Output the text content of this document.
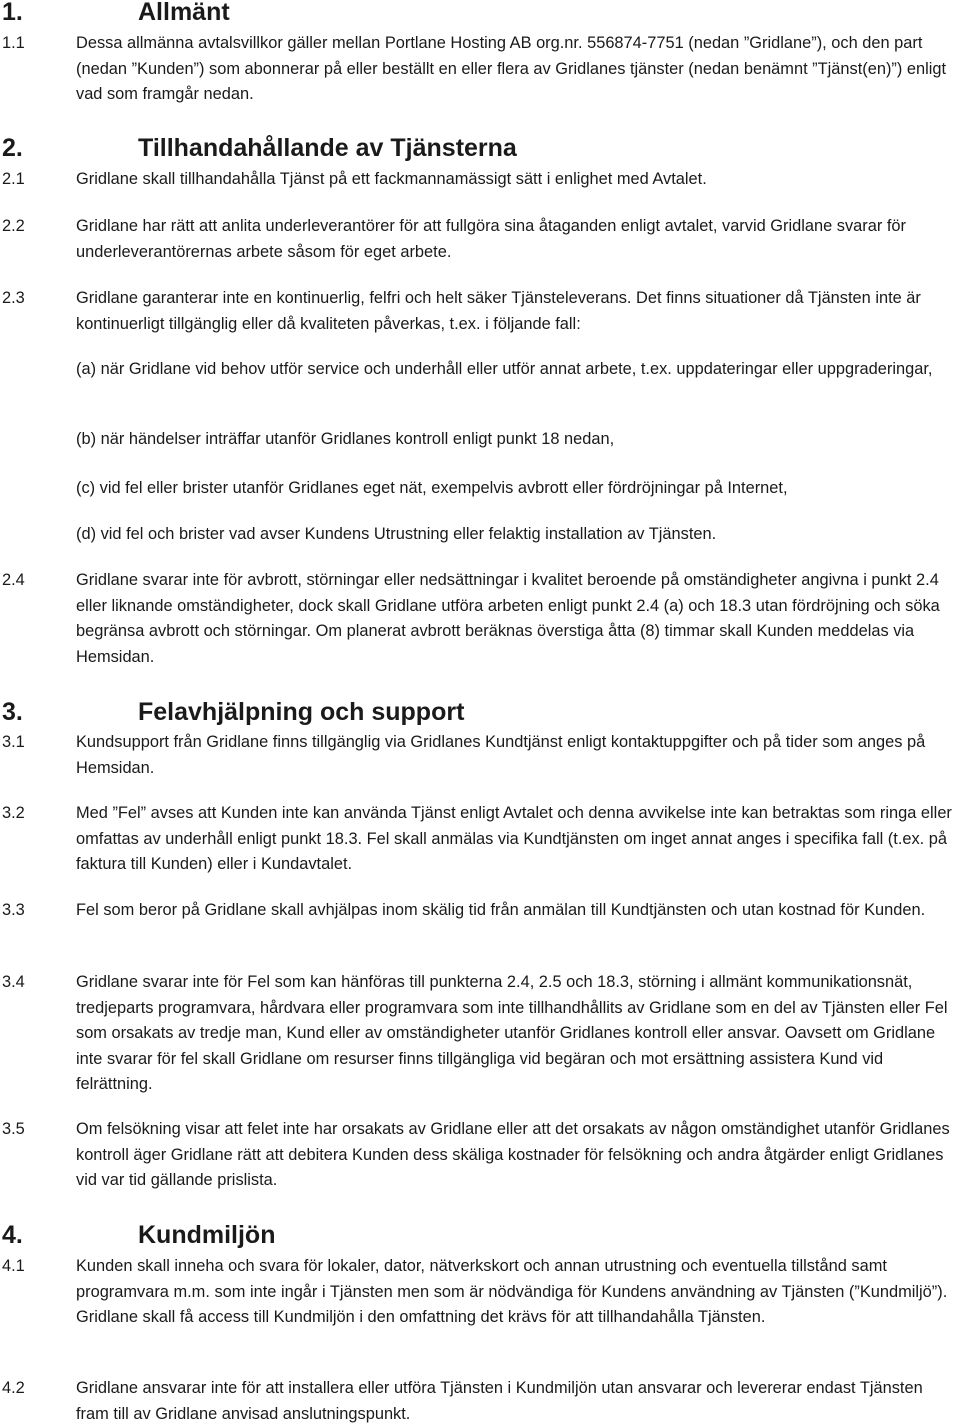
1.	Allmänt

1.1	Dessa allmänna avtalsvillkor gäller mellan Portlane Hosting AB org.nr. 556874-7751 (nedan ”Gridlane”), och den part (nedan ”Kunden”) som abonnerar på eller beställt en eller flera av Gridlanes tjänster (nedan benämnt ”Tjänst(en)”) enligt vad som framgår nedan.

2.	Tillhandahållande av Tjänsterna

2.1	Gridlane skall tillhandahålla Tjänst på ett fackmannamässigt sätt i enlighet med Avtalet.

2.2	Gridlane har rätt att anlita underleverantörer för att fullgöra sina åtaganden enligt avtalet, varvid Gridlane svarar för underleverantörernas arbete såsom för eget arbete.

2.3	Gridlane garanterar inte en kontinuerlig, felfri och helt säker Tjänsteleverans. Det finns situationer då Tjänsten inte är kontinuerligt tillgänglig eller då kvaliteten påverkas, t.ex. i följande fall:

(a) när Gridlane vid behov utför service och underhåll eller utför annat arbete, t.ex. uppdateringar eller uppgraderingar,

(b) när händelser inträffar utanför Gridlanes kontroll enligt punkt 18 nedan,

(c) vid fel eller brister utanför Gridlanes eget nät, exempelvis avbrott eller fördröjningar på Internet,

(d) vid fel och brister vad avser Kundens Utrustning eller felaktig installation av Tjänsten.

2.4	Gridlane svarar inte för avbrott, störningar eller nedsättningar i kvalitet beroende på omständigheter angivna i punkt 2.4 eller liknande omständigheter, dock skall Gridlane utföra arbeten enligt punkt 2.4 (a) och 18.3 utan fördröjning och söka begränsa avbrott och störningar. Om planerat avbrott beräknas överstiga åtta (8) timmar skall Kunden meddelas via Hemsidan.

3.	Felavhjälpning och support

3.1	Kundsupport från Gridlane finns tillgänglig via Gridlanes Kundtjänst enligt kontaktuppgifter och på tider som anges på Hemsidan.

3.2	Med ”Fel” avses att Kunden inte kan använda Tjänst enligt Avtalet och denna avvikelse inte kan betraktas som ringa eller omfattas av underhåll enligt punkt 18.3. Fel skall anmälas via Kundtjänsten om inget annat anges i specifika fall (t.ex. på faktura till Kunden) eller i Kundavtalet.

3.3	Fel som beror på Gridlane skall avhjälpas inom skälig tid från anmälan till Kundtjänsten och utan kostnad för Kunden.

3.4	Gridlane svarar inte för Fel som kan hänföras till punkterna 2.4, 2.5 och 18.3, störning i allmänt kommunikationsnät, tredjeparts programvara, hårdvara eller programvara som inte tillhandhållits av Gridlane som en del av Tjänsten eller Fel som orsakats av tredje man, Kund eller av omständigheter utanför Gridlanes kontroll eller ansvar. Oavsett om Gridlane inte svarar för fel skall Gridlane om resurser finns tillgängliga vid begäran och mot ersättning assistera Kund vid felrättning.

3.5	Om felsökning visar att felet inte har orsakats av Gridlane eller att det orsakats av någon omständighet utanför Gridlanes kontroll äger Gridlane rätt att debitera Kunden dess skäliga kostnader för felsökning och andra åtgärder enligt Gridlanes vid var tid gällande prislista.

4.	Kundmiljön

4.1	Kunden skall inneha och svara för lokaler, dator, nätverkskort och annan utrustning och eventuella tillstånd samt programvara m.m. som inte ingår i Tjänsten men som är nödvändiga för Kundens användning av Tjänsten (”Kundmiljö”). Gridlane skall få access till Kundmiljön i den omfattning det krävs för att tillhandahålla Tjänsten.

4.2	Gridlane ansvarar inte för att installera eller utföra Tjänsten i Kundmiljön utan ansvarar och levererar endast Tjänsten fram till av Gridlane anvisad anslutningspunkt.
